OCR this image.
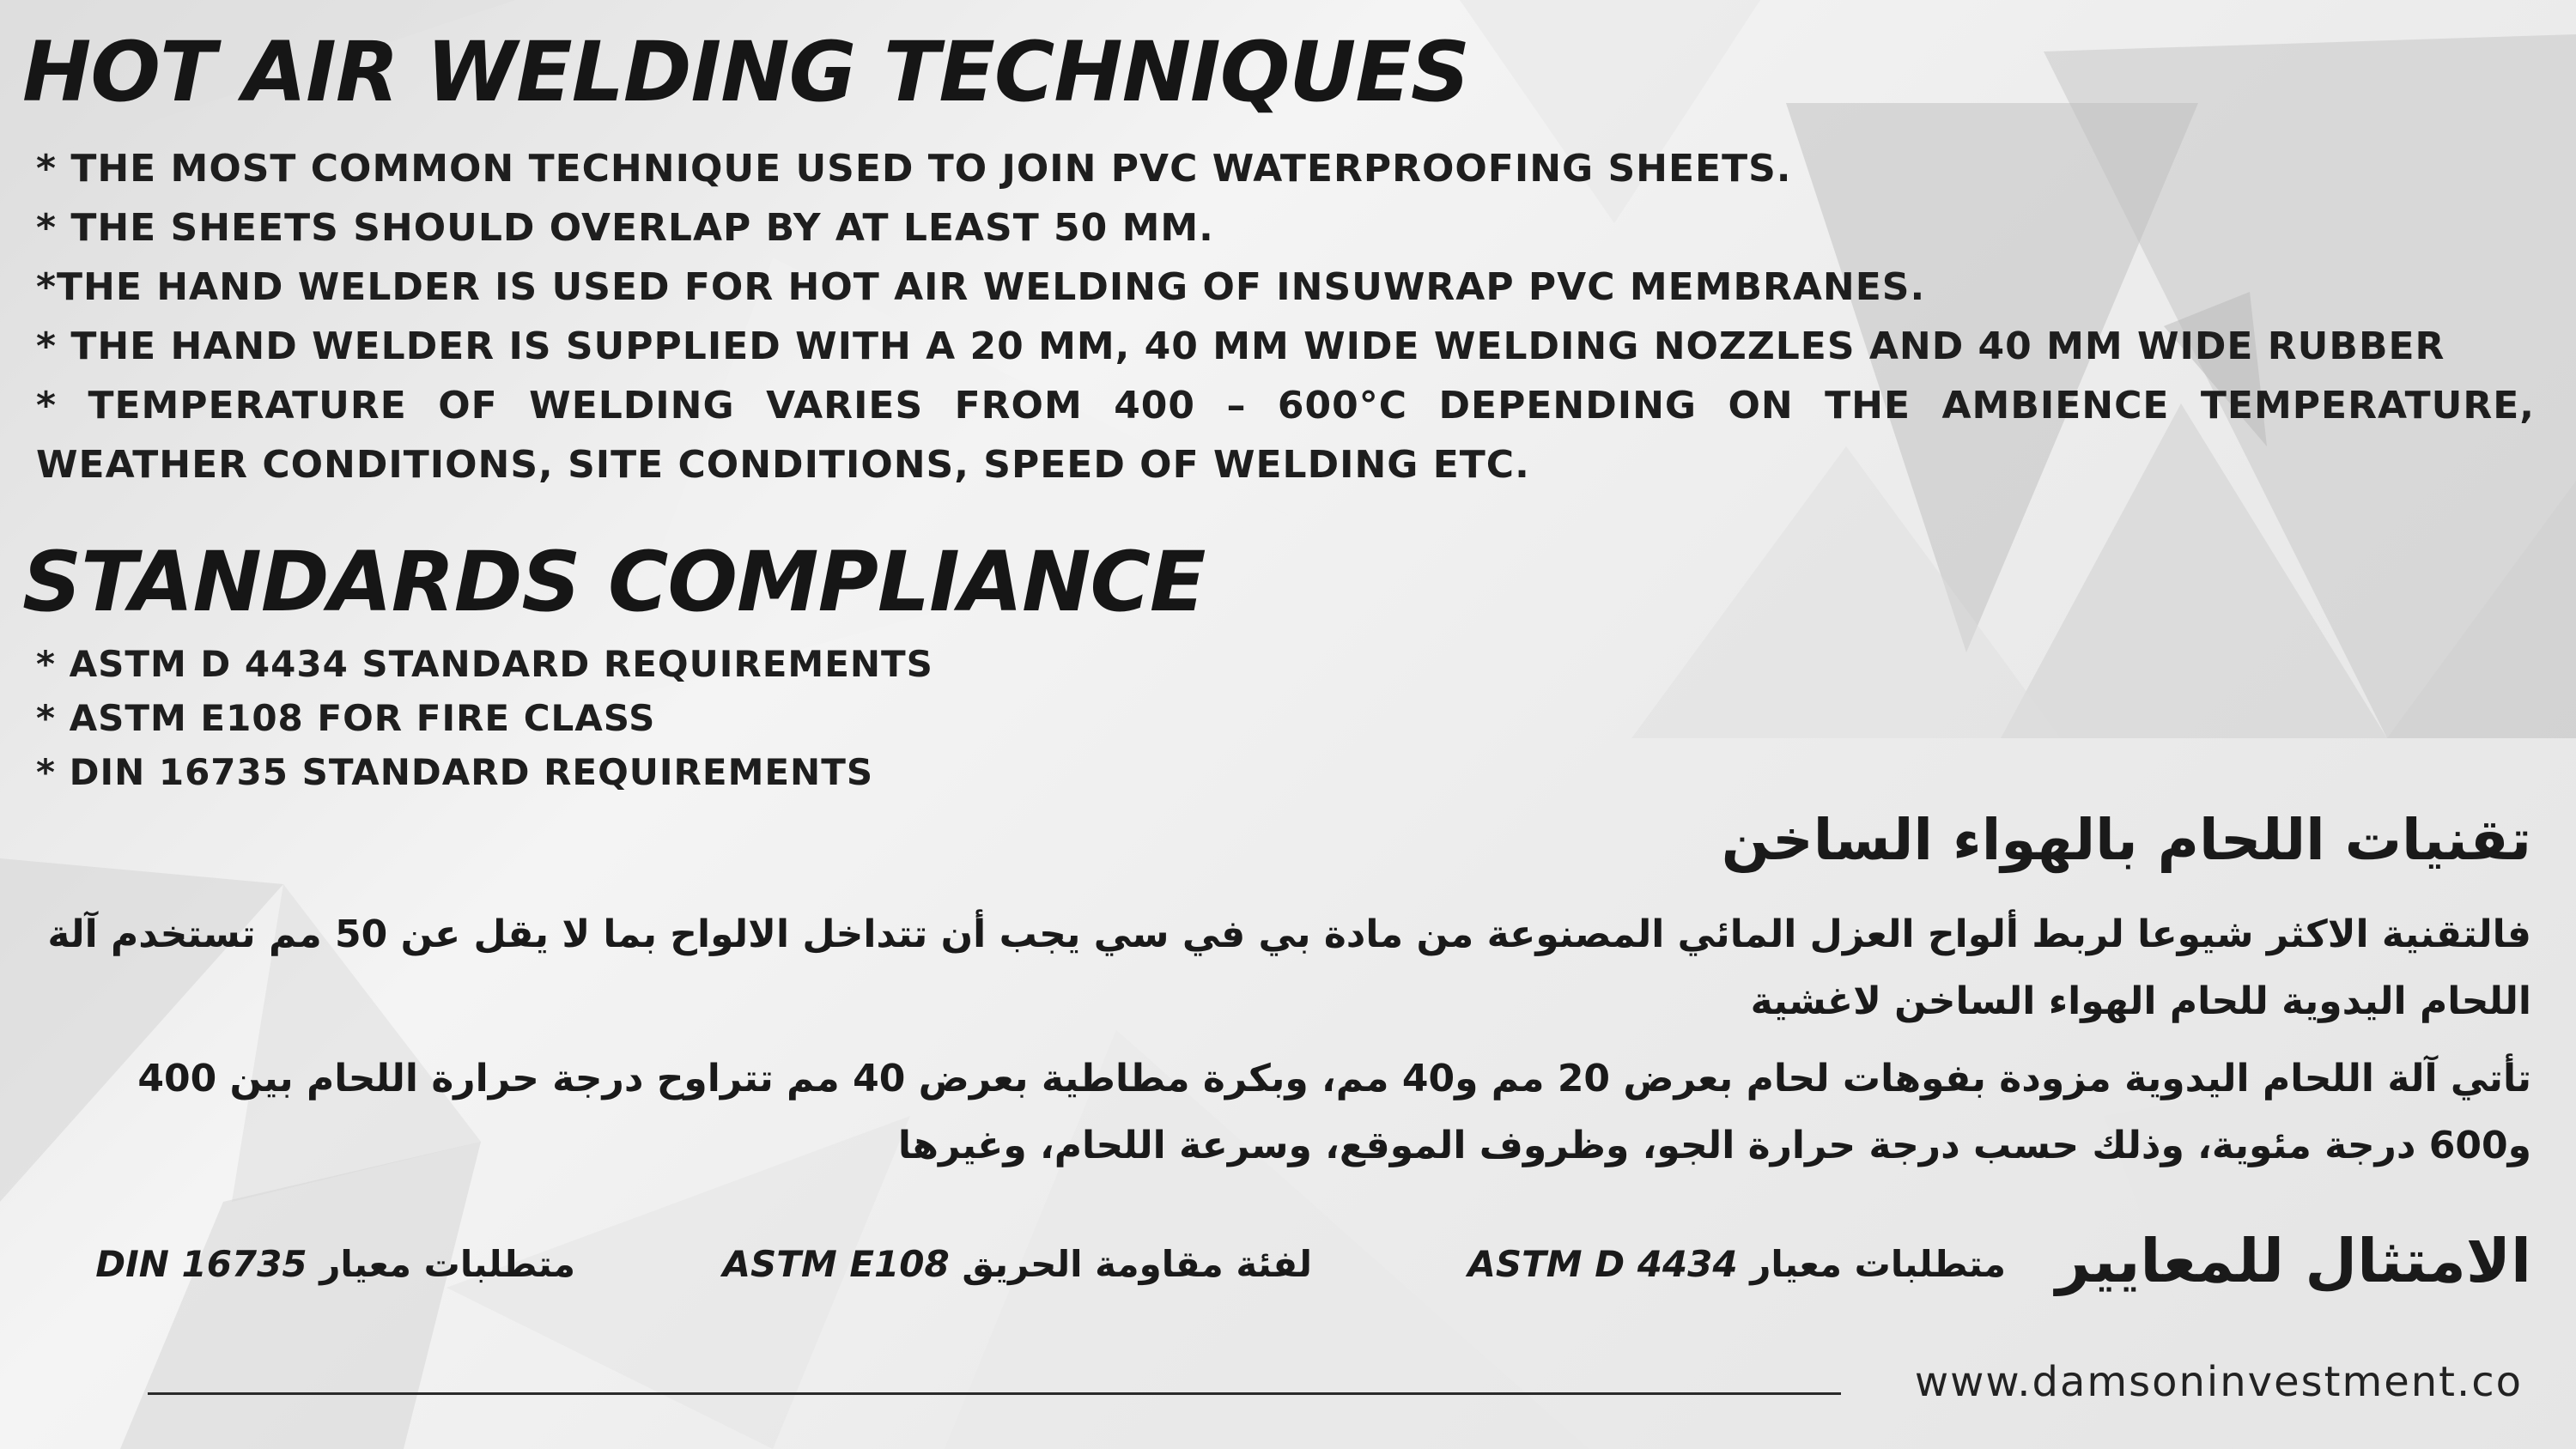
HOT AIR WELDING TECHNIQUES
* THE MOST COMMON TECHNIQUE USED TO JOIN PVC WATERPROOFING SHEETS.
* THE SHEETS SHOULD OVERLAP BY AT LEAST 50 MM.
*THE HAND WELDER IS USED FOR HOT AIR WELDING OF INSUWRAP PVC MEMBRANES.
* THE HAND WELDER IS SUPPLIED WITH A 20 MM, 40 MM WIDE WELDING NOZZLES AND 40 MM WIDE RUBBER
* TEMPERATURE OF WELDING VARIES FROM 400 – 600°C DEPENDING ON THE AMBIENCE TEMPERATURE, WEATHER CONDITIONS, SITE CONDITIONS, SPEED OF WELDING ETC.
STANDARDS COMPLIANCE
* ASTM D 4434 STANDARD REQUIREMENTS
* ASTM E108 FOR FIRE CLASS
* DIN 16735 STANDARD REQUIREMENTS
تقنيات اللحام بالهواء الساخن
فالتقنية الاكثر شيوعا لربط ألواح العزل المائي المصنوعة من مادة بي في سي يجب أن تتداخل الالواح بما لا يقل عن 50 مم تستخدم آلة اللحام اليدوية للحام الهواء الساخن لاغشية
تأتي آلة اللحام اليدوية مزودة بفوهات لحام بعرض 20 مم و40 مم، وبكرة مطاطية بعرض 40 مم تتراوح درجة حرارة اللحام بين 400 و600 درجة مئوية، وذلك حسب درجة حرارة الجو، وظروف الموقع، وسرعة اللحام، وغيرها
الامتثال للمعايير
متطلبات معيار ASTM D 4434
لفئة مقاومة الحريق ASTM E108
متطلبات معيار DIN 16735
www.damsoninvestment.co
